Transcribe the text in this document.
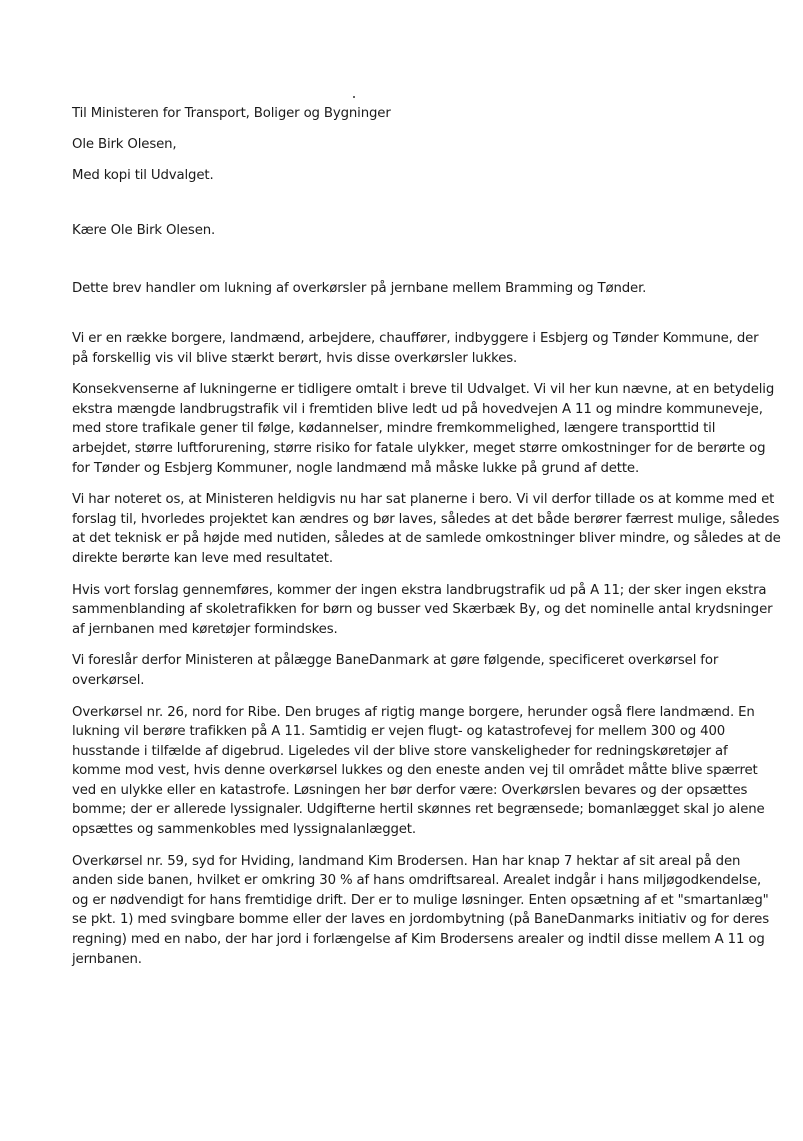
Til Ministeren for Transport, Boliger og Bygninger

Ole Birk Olesen,

Med kopi til Udvalget.

Kære Ole Birk Olesen.

Dette brev handler om lukning af overkørsler på jernbane mellem Bramming og Tønder.

Vi er en række borgere, landmænd, arbejdere, chauffører, indbyggere i Esbjerg og Tønder Kommune, der
på forskellig vis vil blive stærkt berørt, hvis disse overkørsler lukkes.

Konsekvenserne af lukningerne er tidligere omtalt i breve til Udvalget. Vi vil her kun nævne, at en betydelig
ekstra mængde landbrugstrafik vil i fremtiden blive ledt ud på hovedvejen A 11 og mindre kommuneveje,
med store trafikale gener til følge, kødannelser, mindre fremkommelighed, længere transporttid til
arbejdet, større luftforurening, større risiko for fatale ulykker, meget større omkostninger for de berørte og
for Tønder og Esbjerg Kommuner, nogle landmænd må måske lukke på grund af dette.

Vi har noteret os, at Ministeren heldigvis nu har sat planerne i bero. Vi vil derfor tillade os at komme med et
forslag til, hvorledes projektet kan ændres og bør laves, således at det både berører færrest mulige, således
at det teknisk er på højde med nutiden, således at de samlede omkostninger bliver mindre, og således at de
direkte berørte kan leve med resultatet.

Hvis vort forslag gennemføres, kommer der ingen ekstra landbrugstrafik ud på A 11; der sker ingen ekstra
sammenblanding af skoletrafikken for børn og busser ved Skærbæk By, og det nominelle antal krydsninger
af jernbanen med køretøjer formindskes.

Vi foreslår derfor Ministeren at pålægge BaneDanmark at gøre følgende, specificeret overkørsel for
overkørsel.

Overkørsel nr. 26, nord for Ribe. Den bruges af rigtig mange borgere, herunder også flere landmænd. En
lukning vil berøre trafikken på A 11. Samtidig er vejen flugt- og katastrofevej for mellem 300 og 400
husstande i tilfælde af digebrud. Ligeledes vil der blive store vanskeligheder for redningskøretøjer af
komme mod vest, hvis denne overkørsel lukkes og den eneste anden vej til området måtte blive spærret
ved en ulykke eller en katastrofe. Løsningen her bør derfor være: Overkørslen bevares og der opsættes
bomme; der er allerede lyssignaler. Udgifterne hertil skønnes ret begrænsede; bomanlægget skal jo alene
opsættes og sammenkobles med lyssignalanlægget.

Overkørsel nr. 59, syd for Hviding, landmand Kim Brodersen. Han har knap 7 hektar af sit areal på den
anden side banen, hvilket er omkring 30 % af hans omdriftsareal. Arealet indgår i hans miljøgodkendelse,
og er nødvendigt for hans fremtidige drift. Der er to mulige løsninger. Enten opsætning af et "smartanlæg"
se pkt. 1) med svingbare bomme eller der laves en jordombytning (på BaneDanmarks initiativ og for deres
regning) med en nabo, der har jord i forlængelse af Kim Brodersens arealer og indtil disse mellem A 11 og
jernbanen.
